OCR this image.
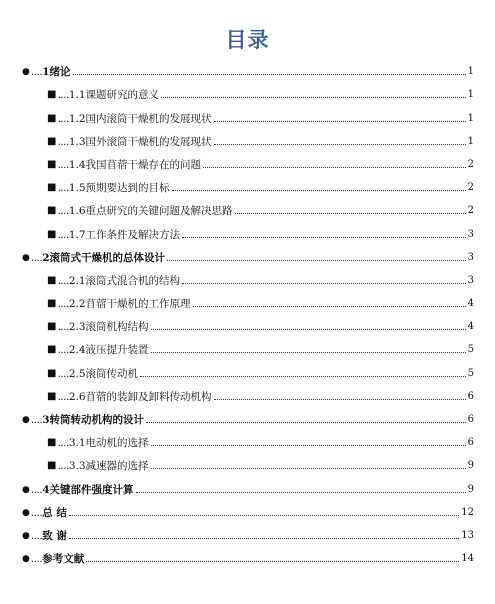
目录
● .... 1 绪论	1
■ .... 1.1 课题研究的意义	1
■ .... 1.2 国内滚筒干燥机的发展现状	1
■ .... 1.3 国外滚筒干燥机的发展现状	1
■ .... 1.4 我国苜蓿干燥存在的问题	2
■ .... 1.5 预期要达到的目标	2
■ .... 1.6 重点研究的关键问题及解决思路	2
■ .... 1.7 工作条件及解决方法	3
● .... 2 滚筒式干燥机的总体设计	3
■ .... 2.1 滚筒式混合机的结构	3
■ .... 2.2 苜蓿干燥机的工作原理	4
■ .... 2.3 滚筒机构结构	4
■ .... 2.4 液压提升装置	5
■ .... 2.5 滚筒传动机	5
■ .... 2.6 苜蓿的装卸及卸料传动机构	6
● .... 3 转筒转动机构的设计	6
■ .... 3.1 电动机的选择	6
■ .... 3.3 减速器的选择	9
● .... 4 关键部件强度计算	9
● .... 总 结	12
● .... 致 谢	13
● .... 参考文献	14
